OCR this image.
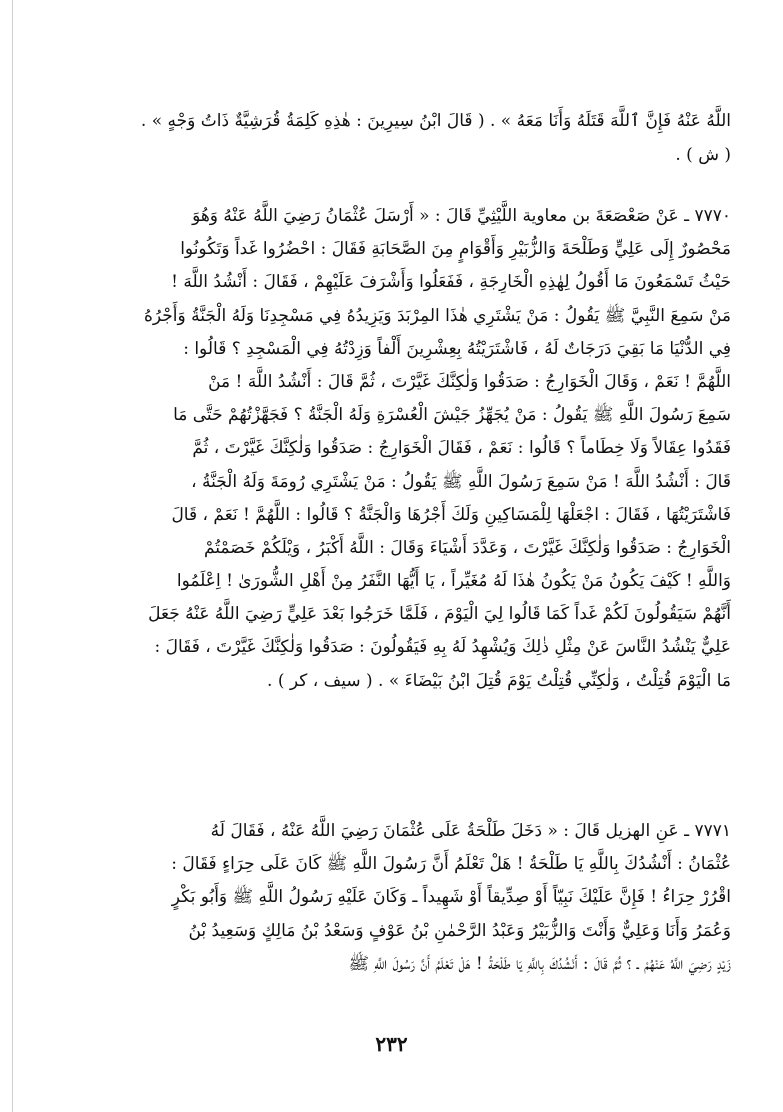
اللَّهُ عَنْهُ فَإِنَّ ٱللَّهَ قَتَلَهُ وَأَنَا مَعَهُ » . ( قَالَ ابْنُ سِيرِينَ : هٰذِهِ كَلِمَةُ قُرَشِيَّةٌ ذَاتُ وَجْهٍ » .
( ش ) .
٧٧٧٠ ـ عَنْ صَعْصَعَةَ بن معاوية اللَّيْثِيِّ قَالَ : « أَرْسَلَ عُثْمَانُ رَضِيَ اللَّهُ عَنْهُ وَهُوَ
مَحْصُورٌ إِلَى عَلِيٍّ وَطَلْحَةَ وَالزُّبَيْرِ وَأَقْوَامٍ مِنَ الصَّحَابَةِ فَقَالَ : احْضُرُوا غَداً وَتَكُونُوا
حَيْثُ تَسْمَعُونَ مَا أَقُولُ لِهٰذِهِ الْخَارِجَةِ ، فَفَعَلُوا وَأَشْرَفَ عَلَيْهِمْ ، فَقَالَ : أَنْشُدُ اللَّهَ !
مَنْ سَمِعَ النَّبِيَّ ﷺ يَقُولُ : مَنْ يَشْتَرِي هٰذَا المِرْبَدَ وَيَزِيدُهُ فِي مَسْجِدِنَا وَلَهُ الْجَنَّةُ وَأَجْرُهُ
فِي الدُّنْيَا مَا بَقِيَ دَرَجَاتٌ لَهُ ، فَاشْتَرَيْتُهُ بِعِشْرِينَ أَلْفاً وَزِدْتُهُ فِي الْمَسْجِدِ ؟ قَالُوا :
اللَّهُمَّ ! نَعَمْ ، وَقَالَ الْخَوَارِجُ : صَدَقُوا وَلٰكِنَّكَ غَيَّرْتَ ، ثُمَّ قَالَ : أَنْشُدُ اللَّهَ ! مَنْ
سَمِعَ رَسُولَ اللَّهِ ﷺ يَقُولُ : مَنْ يُجَهِّزُ جَيْشَ الْعُسْرَةِ وَلَهُ الْجَنَّةُ ؟ فَجَهَّزْتُهُمْ حَتَّى مَا
فَقَدُوا عِقَالاً وَلَا خِطَاماً ؟ قَالُوا : نَعَمْ ، فَقَالَ الْخَوَارِجُ : صَدَقُوا وَلٰكِنَّكَ غَيَّرْتَ ، ثُمَّ
قَالَ : أَنْشُدُ اللَّهَ ! مَنْ سَمِعَ رَسُولَ اللَّهِ ﷺ يَقُولُ : مَنْ يَشْتَرِي رُومَةَ وَلَهُ الْجَنَّةُ ،
فَاشْتَرَيْتُهَا ، فَقَالَ : اجْعَلْهَا لِلْمَسَاكِينِ وَلَكَ أَجْرُهَا وَالْجَنَّةُ ؟ قَالُوا : اللَّهُمَّ ! نَعَمْ ، قَالَ
الْخَوَارِجُ : صَدَقُوا وَلٰكِنَّكَ غَيَّرْتَ ، وَعَدَّدَ أَشْيَاءَ وَقَالَ : اللَّهُ أَكْبَرُ ، وَيْلَكُمْ خَصَمْتُمْ
وَاللَّهِ ! كَيْفَ يَكُونُ مَنْ يَكُونُ هٰذَا لَهُ مُغَيِّراً ، يَا أَيُّهَا النَّفَرُ مِنْ أَهْلِ الشُّورَىٰ ! اِعْلَمُوا
أَنَّهُمْ سَيَقُولُونَ لَكُمْ غَداً كَمَا قَالُوا لِيَ الْيَوْمَ ، فَلَمَّا خَرَجُوا بَعْدَ عَلِيٍّ رَضِيَ اللَّهُ عَنْهُ جَعَلَ
عَلِيٌّ يَنْشُدُ النَّاسَ عَنْ مِثْلِ ذٰلِكَ وَيُشْهِدُ لَهُ بِهِ فَيَقُولُونَ : صَدَقُوا وَلٰكِنَّكَ غَيَّرْتَ ، فَقَالَ :
مَا الْيَوْمَ قُتِلْتُ ، وَلٰكِنِّي قُتِلْتُ يَوْمَ قُتِلَ ابْنُ بَيْضَاءَ » . ( سيف ، كر ) .
٧٧٧١ ـ عَنِ الهزيل قَالَ : « دَخَلَ طَلْحَةُ عَلَى عُثْمَانَ رَضِيَ اللَّهُ عَنْهُ ، فَقَالَ لَهُ
عُثْمَانُ : أَنْشُدُكَ بِاللَّهِ يَا طَلْحَةُ ! هَلْ تَعْلَمُ أَنَّ رَسُولَ اللَّهِ ﷺ كَانَ عَلَى حِرَاءٍ فَقَالَ :
اقْرُرْ حِرَاءُ ! فَإِنَّ عَلَيْكَ نَبِيّاً أَوْ صِدِّيقاً أَوْ شَهِيداً ـ وَكَانَ عَلَيْهِ رَسُولُ اللَّهِ ﷺ وَأَبُو بَكْرٍ
وَعُمَرُ وَأَنَا وَعَلِيٌّ وَأَنْتَ وَالزُّبَيْرُ وَعَبْدُ الرَّحْمٰنِ بْنُ عَوْفٍ وَسَعْدُ بْنُ مَالِكٍ وَسَعِيدُ بْنُ
زَيْدٍ رَضِيَ اللَّهُ عَنْهُمْ ـ ؟ ثُمَّ قَالَ : أَنْشُدُكَ بِاللَّهِ يَا طَلْحَةُ ! هَلْ تَعْلَمُ أَنَّ رَسُولَ اللَّهِ ﷺ
٢٣٢
